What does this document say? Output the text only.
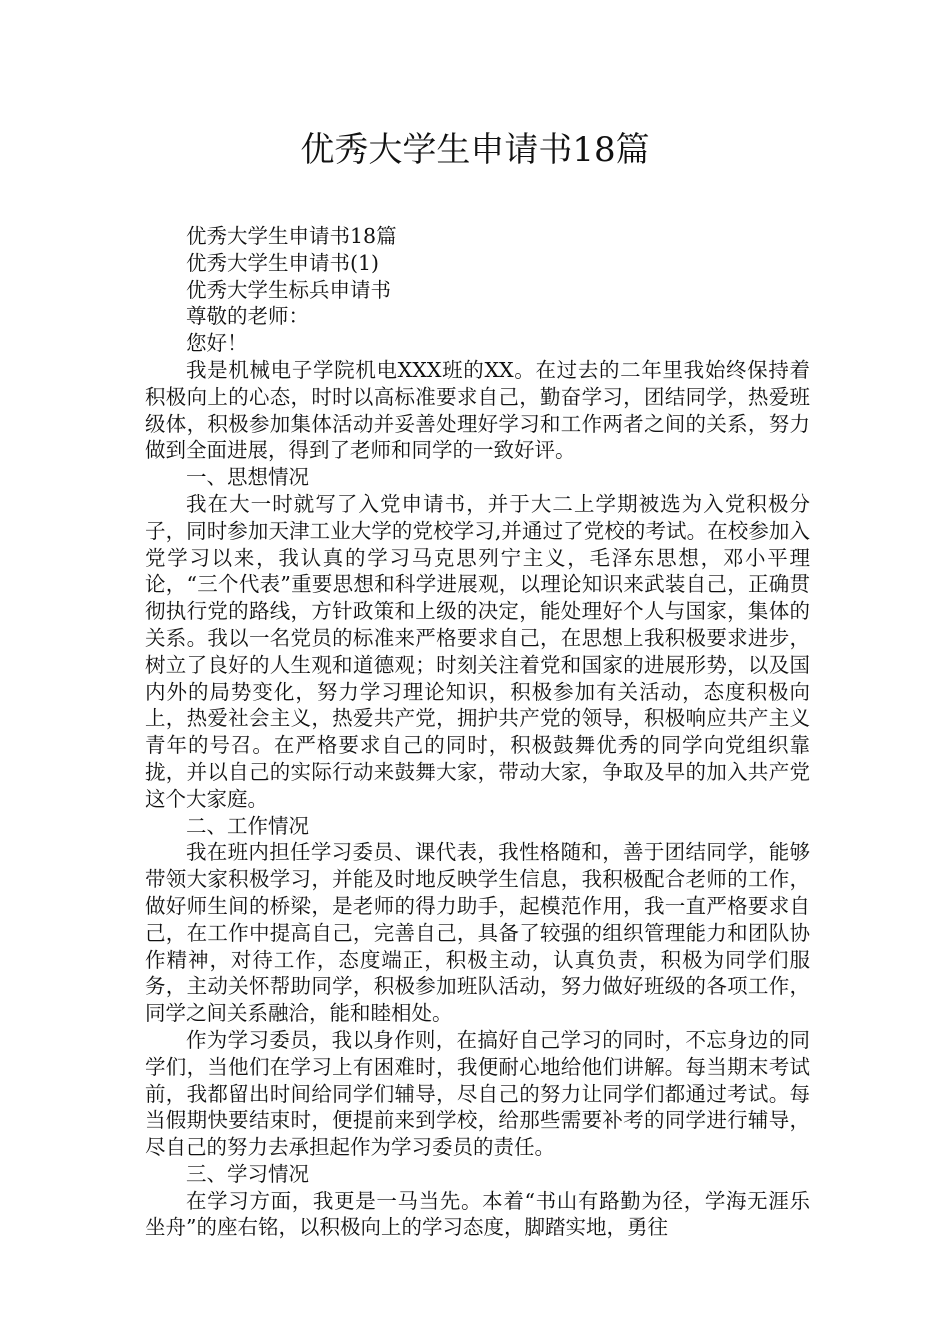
优秀大学生申请书18篇

优秀大学生申请书18篇

优秀大学生申请书(1)

优秀大学生标兵申请书

尊敬的老师：

您好！

我是机械电子学院机电XXX班的XX。在过去的二年里我始终保持着积极向上的心态，时时以高标准要求自己，勤奋学习，团结同学，热爱班级体，积极参加集体活动并妥善处理好学习和工作两者之间的关系，努力做到全面进展，得到了老师和同学的一致好评。

一、思想情况

我在大一时就写了入党申请书，并于大二上学期被选为入党积极分子，同时参加天津工业大学的党校学习,并通过了党校的考试。在校参加入党学习以来，我认真的学习马克思列宁主义，毛泽东思想，邓小平理论，“三个代表”重要思想和科学进展观，以理论知识来武装自己，正确贯彻执行党的路线，方针政策和上级的决定，能处理好个人与国家，集体的关系。我以一名党员的标准来严格要求自己，在思想上我积极要求进步，树立了良好的人生观和道德观；时刻关注着党和国家的进展形势，以及国内外的局势变化，努力学习理论知识，积极参加有关活动，态度积极向上，热爱社会主义，热爱共产党，拥护共产党的领导，积极响应共产主义青年的号召。在严格要求自己的同时，积极鼓舞优秀的同学向党组织靠拢，并以自己的实际行动来鼓舞大家，带动大家，争取及早的加入共产党这个大家庭。

二、工作情况

我在班内担任学习委员、课代表，我性格随和，善于团结同学，能够带领大家积极学习，并能及时地反映学生信息，我积极配合老师的工作，做好师生间的桥梁，是老师的得力助手，起模范作用，我一直严格要求自己，在工作中提高自己，完善自己，具备了较强的组织管理能力和团队协作精神，对待工作，态度端正，积极主动，认真负责，积极为同学们服务，主动关怀帮助同学，积极参加班队活动，努力做好班级的各项工作，同学之间关系融洽，能和睦相处。

作为学习委员，我以身作则，在搞好自己学习的同时，不忘身边的同学们，当他们在学习上有困难时，我便耐心地给他们讲解。每当期末考试前，我都留出时间给同学们辅导，尽自己的努力让同学们都通过考试。每当假期快要结束时，便提前来到学校，给那些需要补考的同学进行辅导，尽自己的努力去承担起作为学习委员的责任。

三、学习情况

在学习方面，我更是一马当先。本着“书山有路勤为径，学海无涯乐坐舟”的座右铭，以积极向上的学习态度，脚踏实地，勇往
